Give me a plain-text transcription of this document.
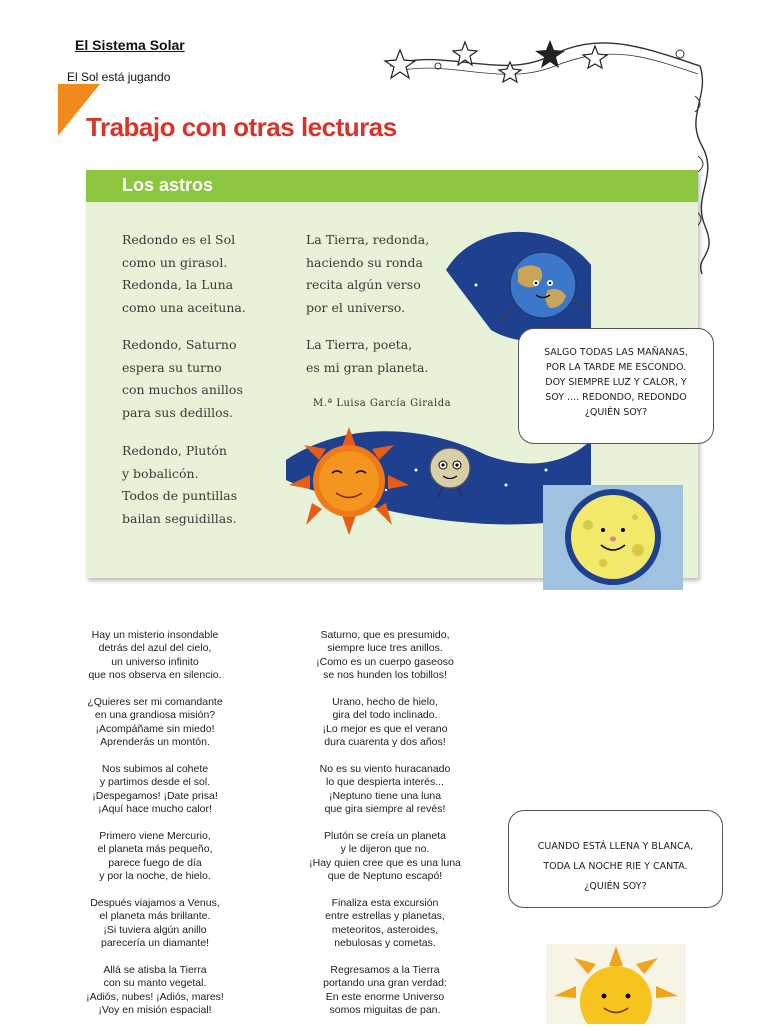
El Sistema Solar
El Sol está jugando
Trabajo con otras lecturas
Los astros
Redondo es el Sol
como un girasol.
Redonda, la Luna
como una aceituna.
Redondo, Saturno
espera su turno
con muchos anillos
para sus dedillos.
Redondo, Plutón
y bobalicón.
Todos de puntillas
bailan seguidillas.
La Tierra, redonda,
haciendo su ronda
recita algún verso
por el universo.
La Tierra, poeta,
es mi gran planeta.
M.ª Luisa García Giralda
SALGO TODAS LAS MAÑANAS,
POR LA TARDE ME ESCONDO.
DOY SIEMPRE LUZ Y CALOR, Y
SOY .... REDONDO, REDONDO
¿QUIÉN SOY?
CUANDO ESTÁ LLENA Y BLANCA,
TODA LA NOCHE RIE Y CANTA.
¿QUIÉN SOY?
Hay un misterio insondable
detrás del azul del cielo,
un universo infinito
que nos observa en silencio.
¿Quieres ser mi comandante
en una grandiosa misión?
¡Acompáñame sin miedo!
Aprenderás un montón.
Nos subimos al cohete
y partimos desde el sol.
¡Despegamos! ¡Date prisa!
¡Aquí hace mucho calor!
Primero viene Mercurio,
el planeta más pequeño,
parece fuego de día
y por la noche, de hielo.
Después viajamos a Venus,
el planeta más brillante.
¡Si tuviera algún anillo
parecería un diamante!
Allá se atisba la Tierra
con su manto vegetal.
¡Adiós, nubes! ¡Adiós, mares!
¡Voy en misión espacial!
Saturno, que es presumido,
siempre luce tres anillos.
¡Como es un cuerpo gaseoso
se nos hunden los tobillos!
Urano, hecho de hielo,
gira del todo inclinado.
¡Lo mejor es que el verano
dura cuarenta y dos años!
No es su viento huracanado
lo que despierta interés...
¡Neptuno tiene una luna
que gira siempre al revés!
Plutón se creía un planeta
y le dijeron que no.
¡Hay quien cree que es una luna
que de Neptuno escapó!
Finaliza esta excursión
entre estrellas y planetas,
meteoritos, asteroides,
nebulosas y cometas.
Regresamos a la Tierra
portando una gran verdad:
En este enorme Universo
somos miguitas de pan.
